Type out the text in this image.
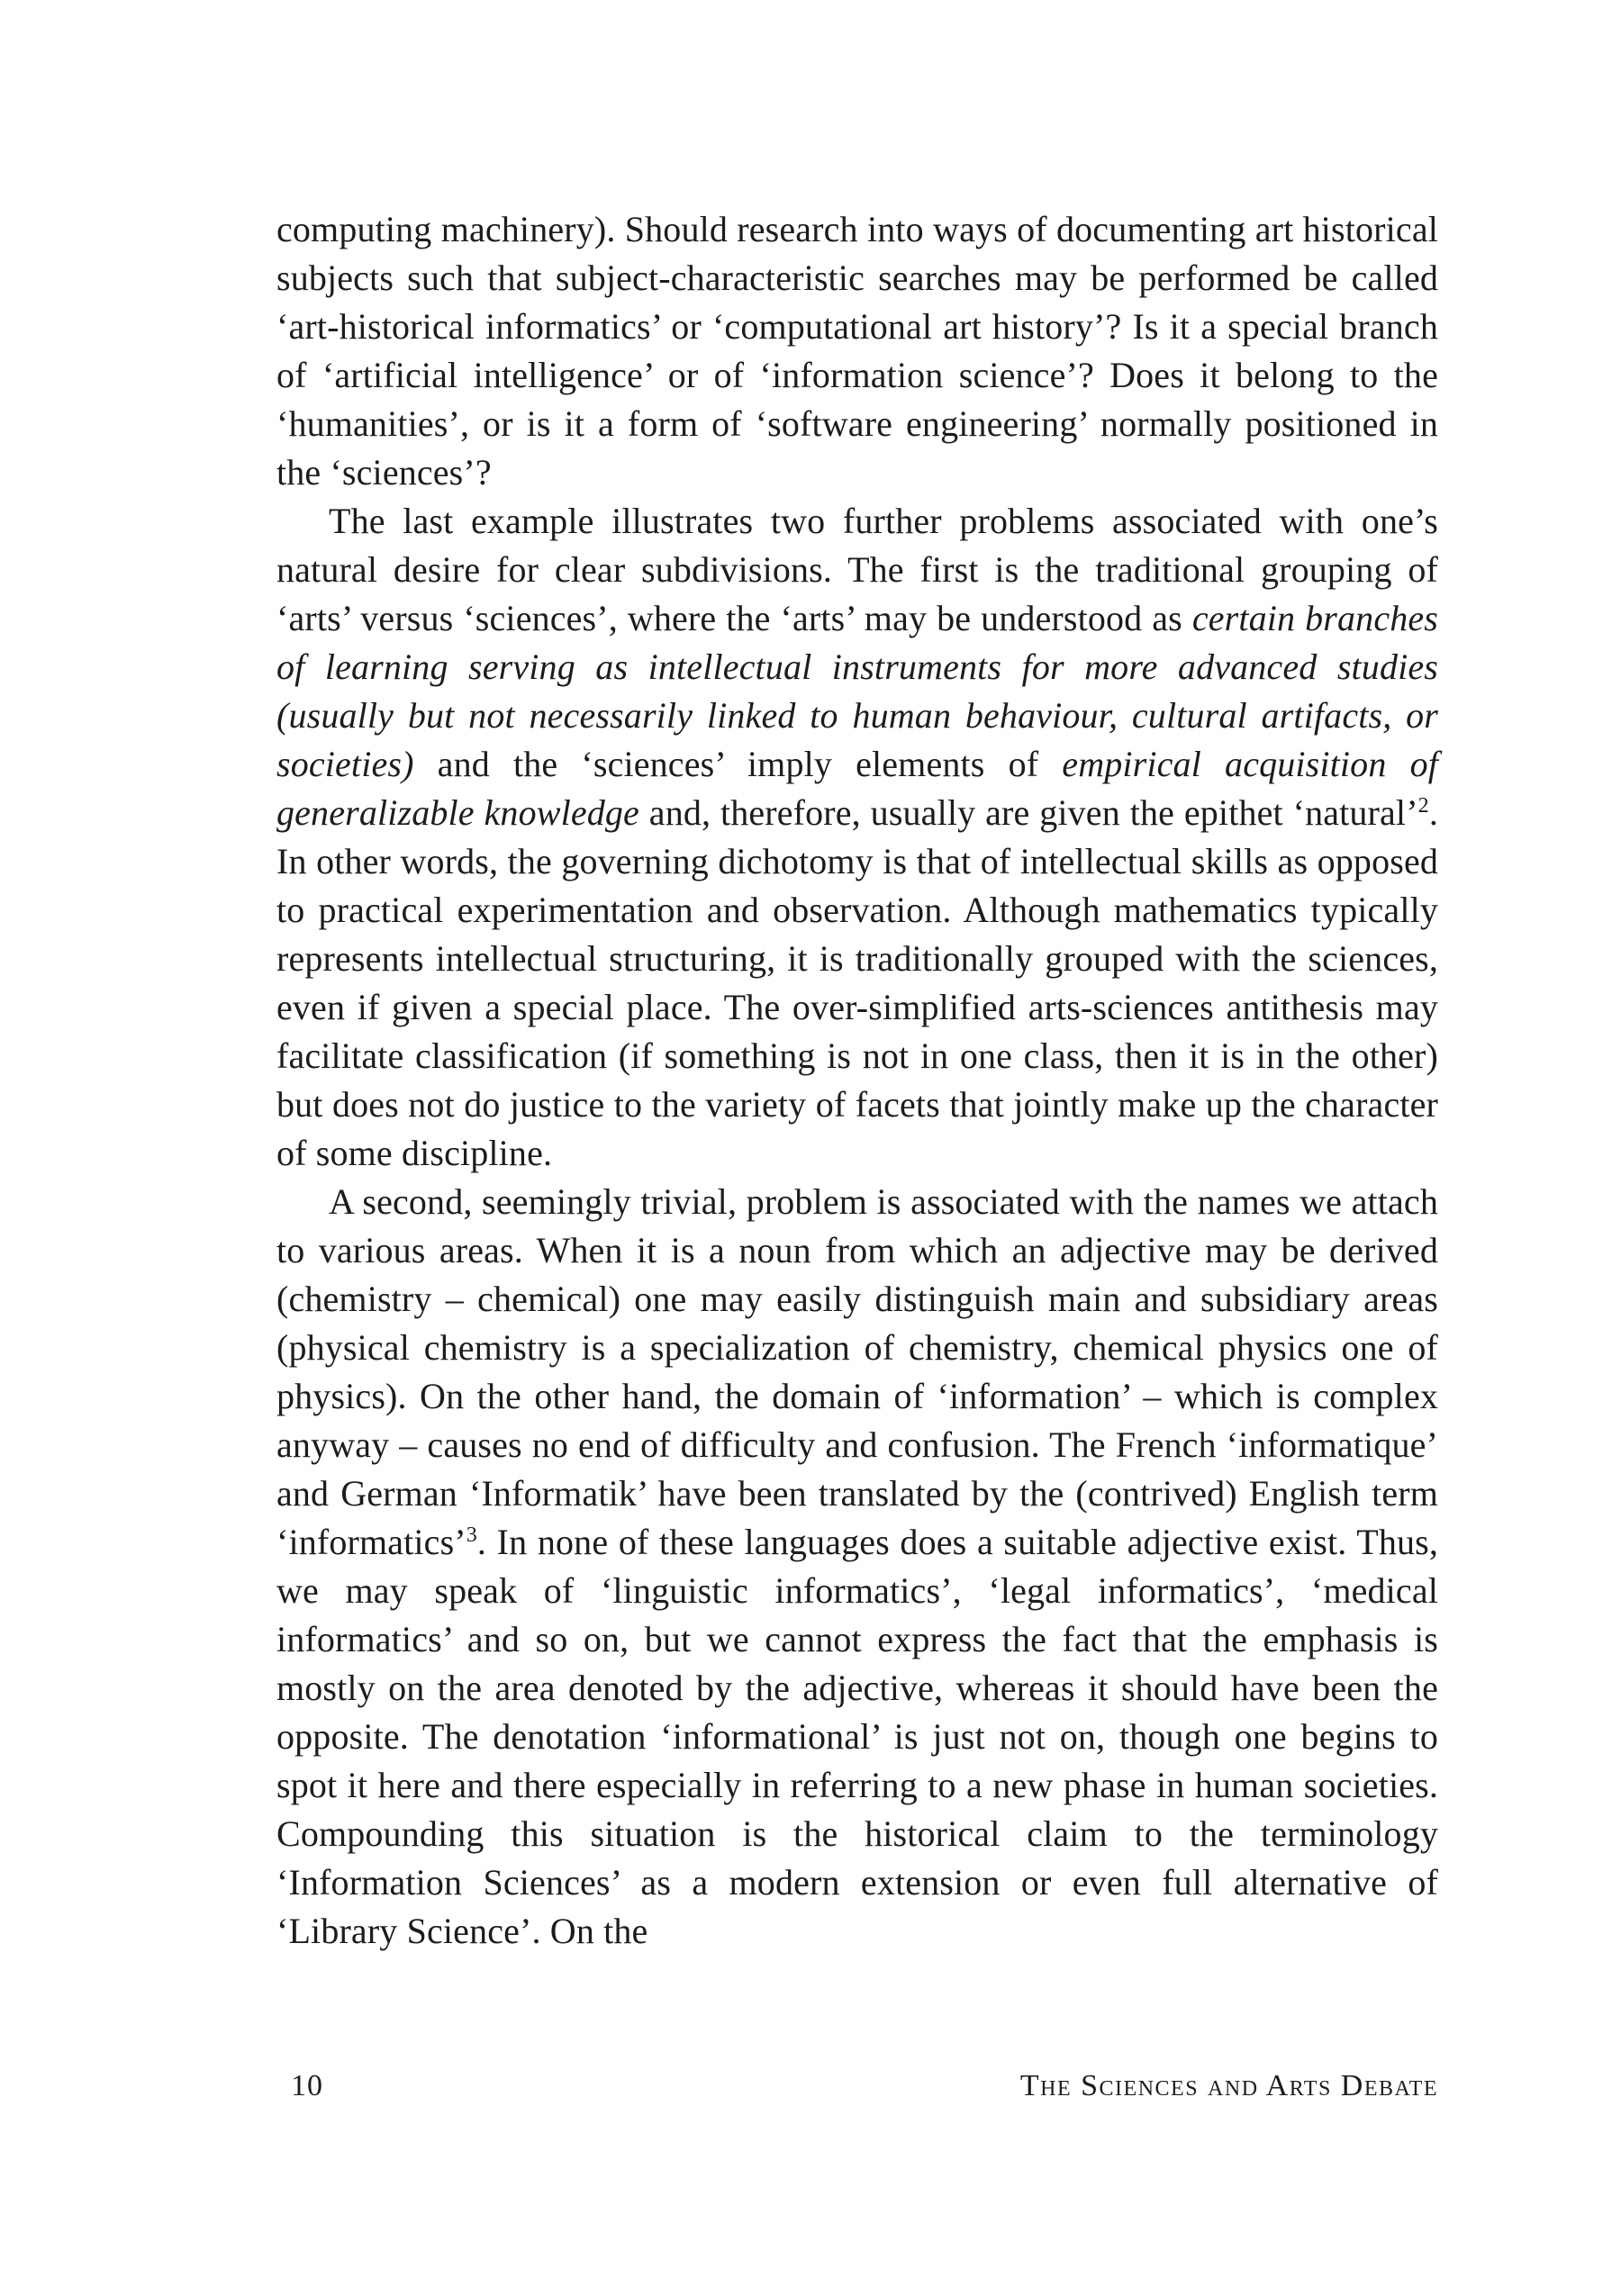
computing machinery). Should research into ways of documenting art historical subjects such that subject-characteristic searches may be performed be called ‘art-historical informatics’ or ‘computational art history’? Is it a special branch of ‘artificial intelligence’ or of ‘information science’? Does it belong to the ‘humanities’, or is it a form of ‘software engineering’ normally positioned in the ‘sciences’?

The last example illustrates two further problems associated with one’s natural desire for clear subdivisions. The first is the traditional grouping of ‘arts’ versus ‘sciences’, where the ‘arts’ may be understood as certain branches of learning serving as intellectual instruments for more advanced studies (usually but not necessarily linked to human behaviour, cultural artifacts, or societies) and the ‘sciences’ imply elements of empirical acquisition of generalizable knowledge and, therefore, usually are given the epithet ‘natural’$^2$. In other words, the governing dichotomy is that of intellectual skills as opposed to practical experimentation and observation. Although mathematics typically represents intellectual structuring, it is traditionally grouped with the sciences, even if given a special place. The over-simplified arts-sciences antithesis may facilitate classification (if something is not in one class, then it is in the other) but does not do justice to the variety of facets that jointly make up the character of some discipline.

A second, seemingly trivial, problem is associated with the names we attach to various areas. When it is a noun from which an adjective may be derived (chemistry – chemical) one may easily distinguish main and subsidiary areas (physical chemistry is a specialization of chemistry, chemical physics one of physics). On the other hand, the domain of ‘information’ – which is complex anyway – causes no end of difficulty and confusion. The French ‘informatique’ and German ‘Informatik’ have been translated by the (contrived) English term ‘informatics’$^3$. In none of these languages does a suitable adjective exist. Thus, we may speak of ‘linguistic informatics’, ‘legal informatics’, ‘medical informatics’ and so on, but we cannot express the fact that the emphasis is mostly on the area denoted by the adjective, whereas it should have been the opposite. The denotation ‘informational’ is just not on, though one begins to spot it here and there especially in referring to a new phase in human societies. Compounding this situation is the historical claim to the terminology ‘Information Sciences’ as a modern extension or even full alternative of ‘Library Science’. On the

10	The Sciences and Arts Debate
